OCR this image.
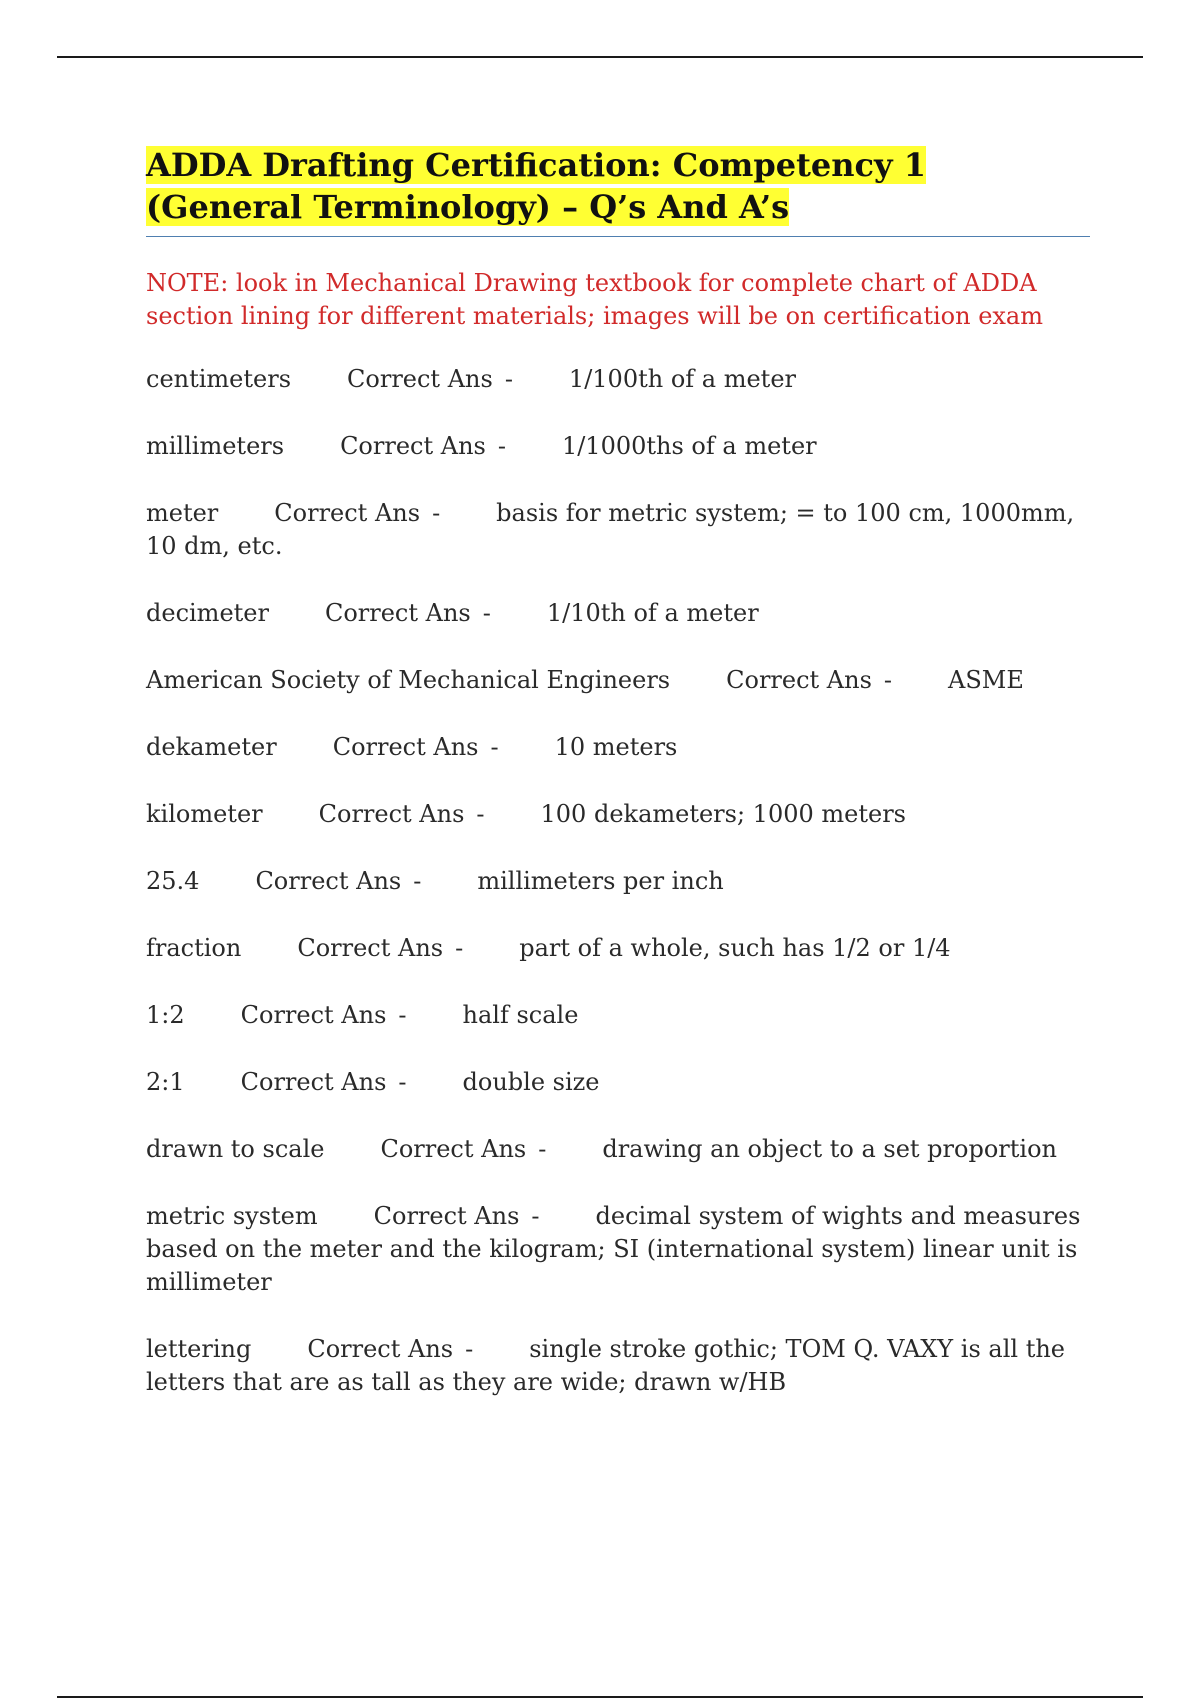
ADDA Drafting Certification: Competency 1 (General Terminology) – Q’s And A’s

NOTE: look in Mechanical Drawing textbook for complete chart of ADDA section lining for different materials; images will be on certification exam

centimeters Correct Ans - 1/100th of a meter

millimeters Correct Ans - 1/1000ths of a meter

meter Correct Ans - basis for metric system; = to 100 cm, 1000mm, 10 dm, etc.

decimeter Correct Ans - 1/10th of a meter

American Society of Mechanical Engineers Correct Ans - ASME

dekameter Correct Ans - 10 meters

kilometer Correct Ans - 100 dekameters; 1000 meters

25.4 Correct Ans - millimeters per inch

fraction Correct Ans - part of a whole, such has 1/2 or 1/4

1:2 Correct Ans - half scale

2:1 Correct Ans - double size

drawn to scale Correct Ans - drawing an object to a set proportion

metric system Correct Ans - decimal system of wights and measures based on the meter and the kilogram; SI (international system) linear unit is millimeter

lettering Correct Ans - single stroke gothic; TOM Q. VAXY is all the letters that are as tall as they are wide; drawn w/HB
